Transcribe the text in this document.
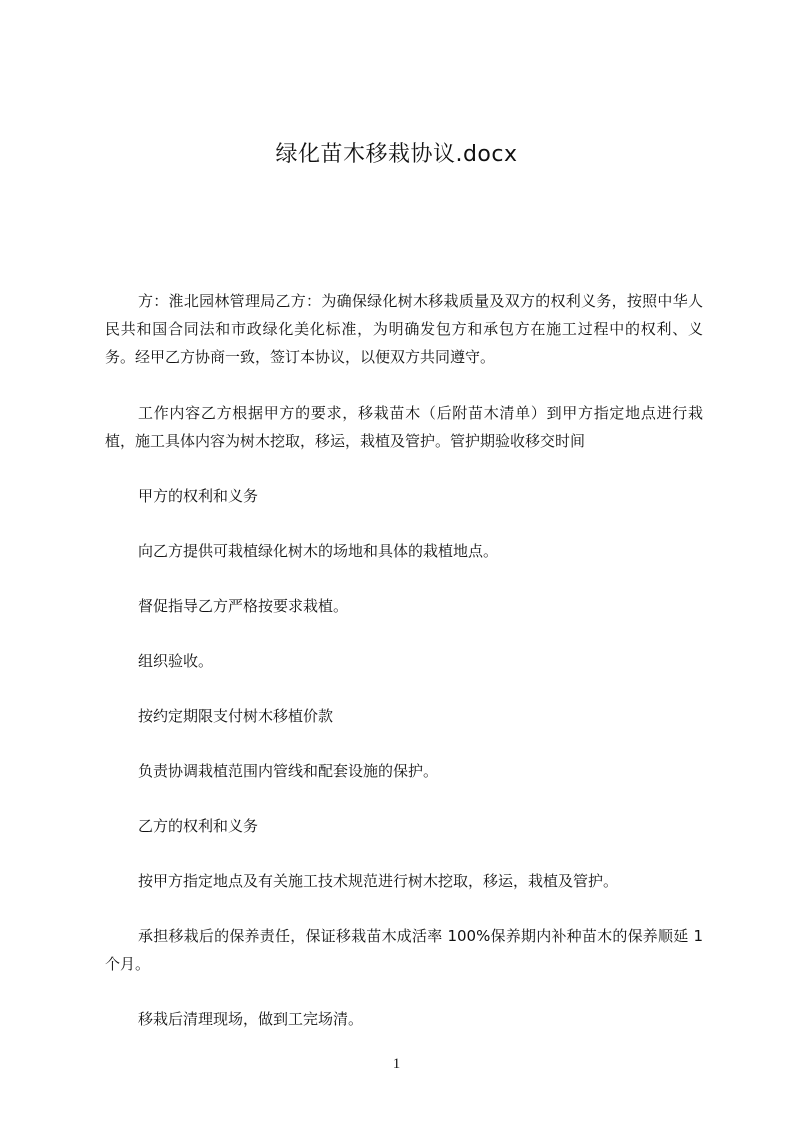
绿化苗木移栽协议.docx

方：淮北园林管理局乙方：为确保绿化树木移栽质量及双方的权利义务，按照中华人民共和国合同法和市政绿化美化标准，为明确发包方和承包方在施工过程中的权利、义务。经甲乙方协商一致，签订本协议，以便双方共同遵守。

工作内容乙方根据甲方的要求，移栽苗木（后附苗木清单）到甲方指定地点进行栽植，施工具体内容为树木挖取，移运，栽植及管护。管护期验收移交时间

甲方的权利和义务

向乙方提供可栽植绿化树木的场地和具体的栽植地点。

督促指导乙方严格按要求栽植。

组织验收。

按约定期限支付树木移植价款

负责协调栽植范围内管线和配套设施的保护。

乙方的权利和义务

按甲方指定地点及有关施工技术规范进行树木挖取，移运，栽植及管护。

承担移栽后的保养责任，保证移栽苗木成活率 100%保养期内补种苗木的保养顺延 1 个月。

移栽后清理现场，做到工完场清。

1
